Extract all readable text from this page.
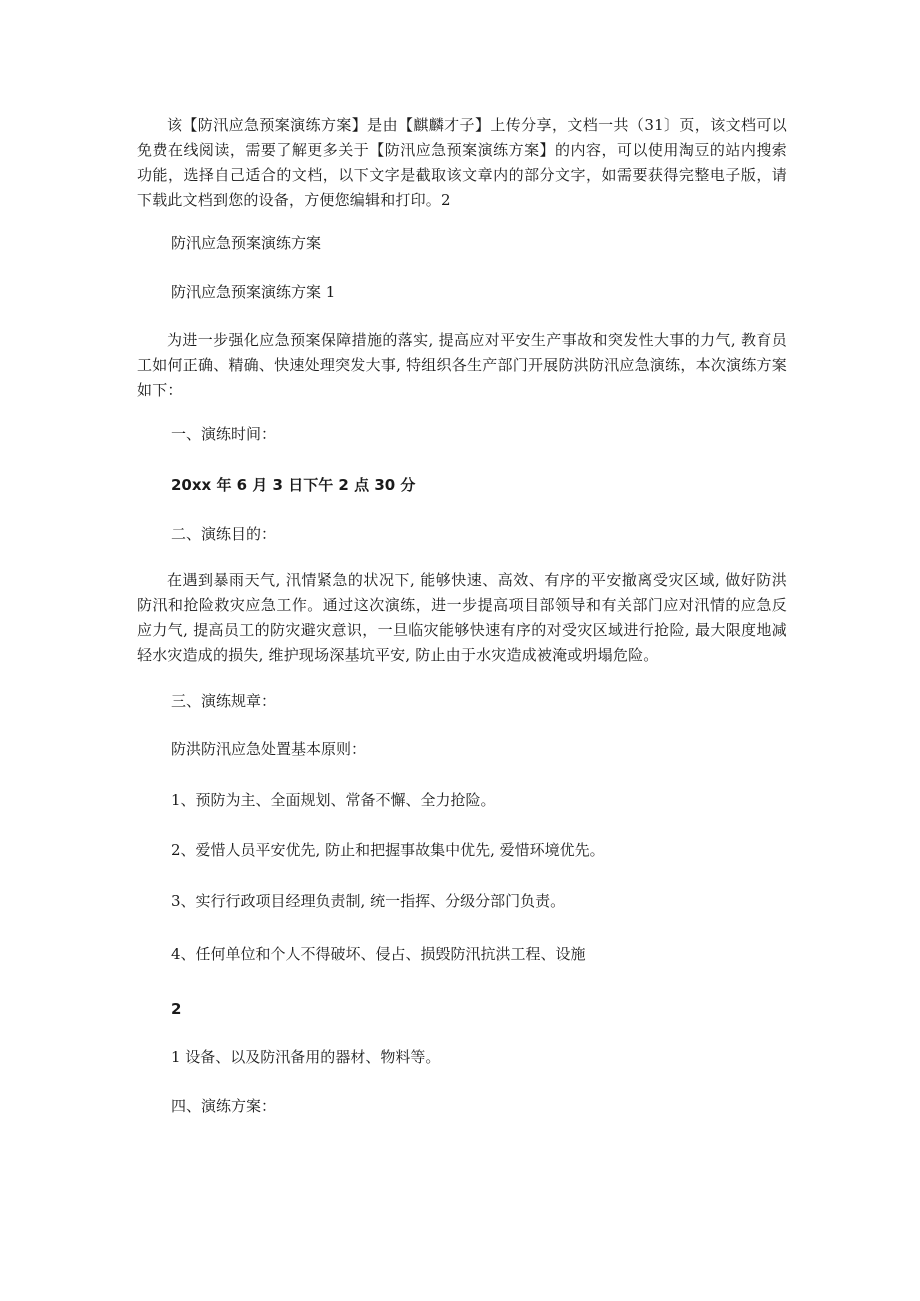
该【防汛应急预案演练方案】是由【麒麟才子】上传分享，文档一共（31〕页，该文档可以免费在线阅读，需要了解更多关于【防汛应急预案演练方案】的内容，可以使用淘豆的站内搜索功能，选择自己适合的文档，以下文字是截取该文章内的部分文字，如需要获得完整电子版，请下载此文档到您的设备，方便您编辑和打印。2

防汛应急预案演练方案

防汛应急预案演练方案 1

为进一步强化应急预案保障措施的落实, 提高应对平安生产事故和突发性大事的力气, 教育员工如何正确、精确、快速处理突发大事, 特组织各生产部门开展防洪防汛应急演练，本次演练方案如下：

一、演练时间：

20xx 年 6 月 3 日下午 2 点 30 分

二、演练目的：

在遇到暴雨天气, 汛情紧急的状况下, 能够快速、高效、有序的平安撤离受灾区域, 做好防洪防汛和抢险救灾应急工作。通过这次演练，进一步提高项目部领导和有关部门应对汛情的应急反应力气, 提高员工的防灾避灾意识，一旦临灾能够快速有序的对受灾区域进行抢险, 最大限度地减轻水灾造成的损失, 维护现场深基坑平安, 防止由于水灾造成被淹或坍塌危险。

三、演练规章：

防洪防汛应急处置基本原则：

1、预防为主、全面规划、常备不懈、全力抢险。

2、爱惜人员平安优先, 防止和把握事故集中优先, 爱惜环境优先。

3、实行行政项目经理负责制, 统一指挥、分级分部门负责。

4、任何单位和个人不得破坏、侵占、损毁防汛抗洪工程、设施

2

1 设备、以及防汛备用的器材、物料等。

四、演练方案：
